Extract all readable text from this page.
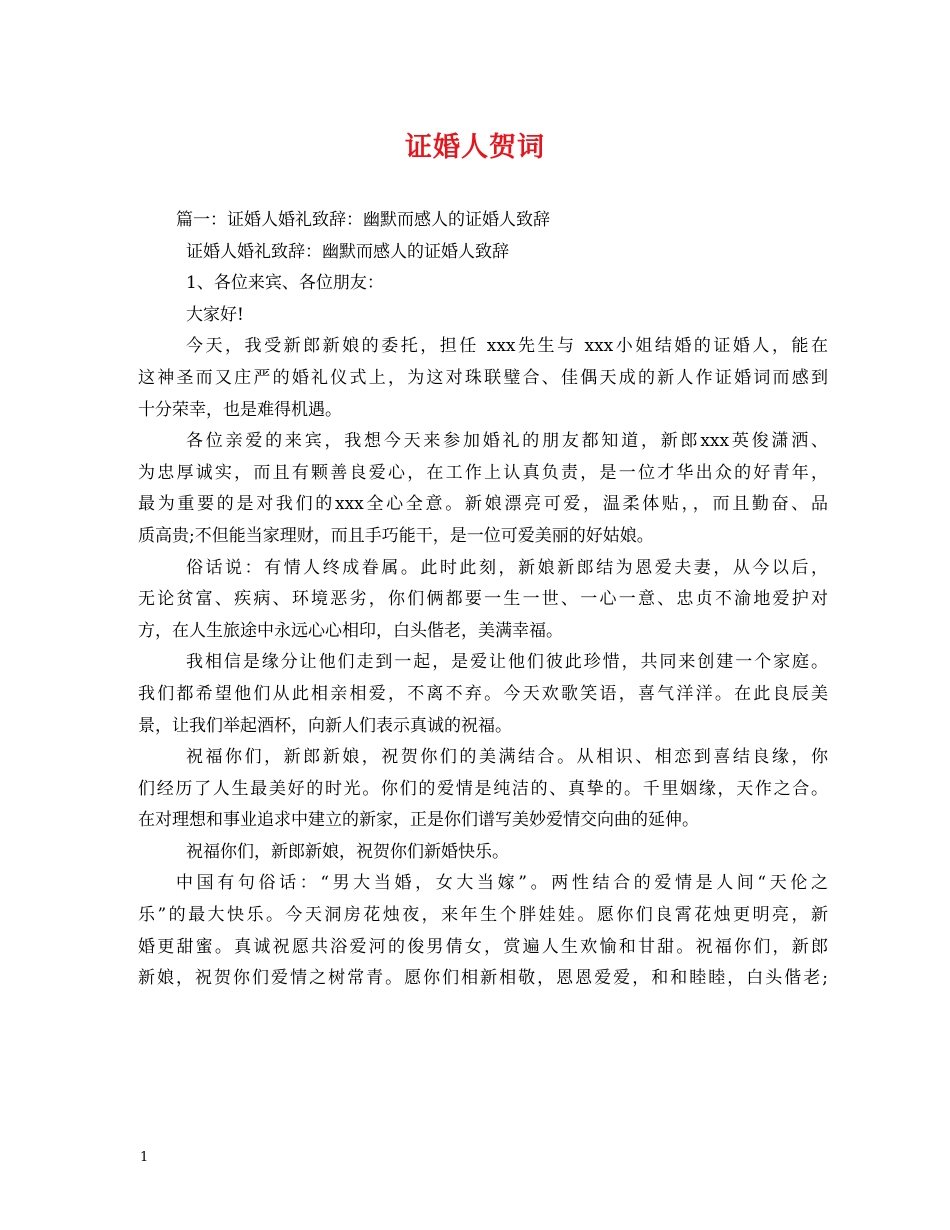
证婚人贺词
篇一：证婚人婚礼致辞：幽默而感人的证婚人致辞
证婚人婚礼致辞：幽默而感人的证婚人致辞
1、各位来宾、各位朋友：
大家好!
今天，我受新郎新娘的委托，担任 xxx先生与 xxx小姐结婚的证婚人，能在
这神圣而又庄严的婚礼仪式上，为这对珠联璧合、佳偶天成的新人作证婚词而感到
十分荣幸，也是难得机遇。
各位亲爱的来宾，我想今天来参加婚礼的朋友都知道，新郎xxx英俊潇洒、
为忠厚诚实，而且有颗善良爱心，在工作上认真负责，是一位才华出众的好青年，
最为重要的是对我们的xxx全心全意。新娘漂亮可爱，温柔体贴，，而且勤奋、品
质高贵;不但能当家理财，而且手巧能干，是一位可爱美丽的好姑娘。
俗话说：有情人终成眷属。此时此刻，新娘新郎结为恩爱夫妻，从今以后，
无论贫富、疾病、环境恶劣，你们俩都要一生一世、一心一意、忠贞不渝地爱护对
方，在人生旅途中永远心心相印，白头偕老，美满幸福。
我相信是缘分让他们走到一起，是爱让他们彼此珍惜，共同来创建一个家庭。
我们都希望他们从此相亲相爱，不离不弃。今天欢歌笑语，喜气洋洋。在此良辰美
景，让我们举起酒杯，向新人们表示真诚的祝福。
祝福你们，新郎新娘，祝贺你们的美满结合。从相识、相恋到喜结良缘，你
们经历了人生最美好的时光。你们的爱情是纯洁的、真挚的。千里姻缘，天作之合。
在对理想和事业追求中建立的新家，正是你们谱写美妙爱情交向曲的延伸。
祝福你们，新郎新娘，祝贺你们新婚快乐。
中国有句俗话：“男大当婚，女大当嫁”。两性结合的爱情是人间“天伦之
乐”的最大快乐。今天洞房花烛夜，来年生个胖娃娃。愿你们良霄花烛更明亮，新
婚更甜蜜。真诚祝愿共浴爱河的俊男倩女，赏遍人生欢愉和甘甜。祝福你们，新郎
新娘，祝贺你们爱情之树常青。愿你们相新相敬，恩恩爱爱，和和睦睦，白头偕老;
1
